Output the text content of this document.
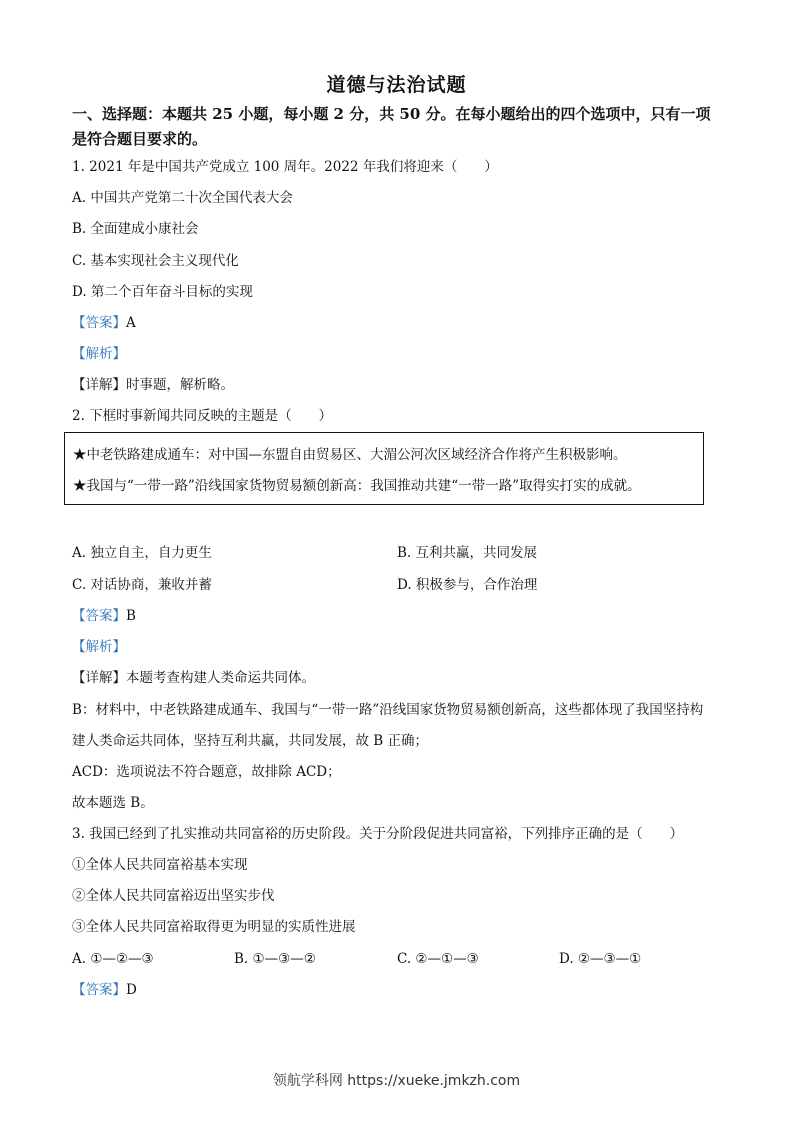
道德与法治试题
一、选择题：本题共 25 小题，每小题 2 分，共 50 分。在每小题给出的四个选项中，只有一项是符合题目要求的。
1. 2021 年是中国共产党成立 100 周年。2022 年我们将迎来（　　）
A. 中国共产党第二十次全国代表大会
B. 全面建成小康社会
C. 基本实现社会主义现代化
D. 第二个百年奋斗目标的实现
【答案】A
【解析】
【详解】时事题，解析略。
2. 下框时事新闻共同反映的主题是（　　）
★中老铁路建成通车：对中国—东盟自由贸易区、大湄公河次区域经济合作将产生积极影响。
★我国与“一带一路”沿线国家货物贸易额创新高：我国推动共建“一带一路”取得实打实的成就。
A. 独立自主，自力更生	B. 互利共赢，共同发展
C. 对话协商，兼收并蓄	D. 积极参与，合作治理
【答案】B
【解析】
【详解】本题考查构建人类命运共同体。
B：材料中，中老铁路建成通车、我国与“一带一路”沿线国家货物贸易额创新高，这些都体现了我国坚持构
建人类命运共同体，坚持互利共赢，共同发展，故 B 正确；
ACD：选项说法不符合题意，故排除 ACD；
故本题选 B。
3. 我国已经到了扎实推动共同富裕的历史阶段。关于分阶段促进共同富裕，下列排序正确的是（　　）
①全体人民共同富裕基本实现
②全体人民共同富裕迈出坚实步伐
③全体人民共同富裕取得更为明显的实质性进展
A. ①—②—③	B. ①—③—②	C. ②—①—③	D. ②—③—①
【答案】D
领航学科网 https://xueke.jmkzh.com
